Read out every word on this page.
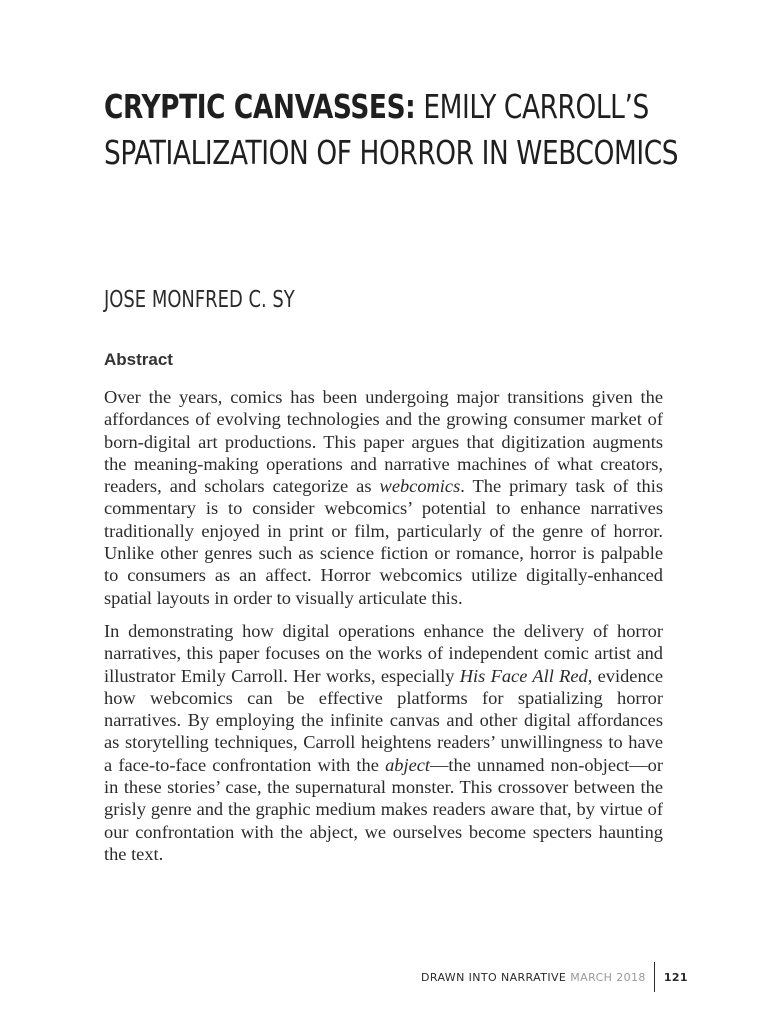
CRYPTIC CANVASSES: EMILY CARROLL’S SPATIALIZATION OF HORROR IN WEBCOMICS

JOSE MONFRED C. SY

Abstract

Over the years, comics has been undergoing major transitions given the affordances of evolving technologies and the growing consumer market of born-digital art productions. This paper argues that digitization augments the meaning-making operations and narrative machines of what creators, readers, and scholars categorize as webcomics. The primary task of this commentary is to consider webcomics’ potential to enhance narratives traditionally enjoyed in print or film, particularly of the genre of horror. Unlike other genres such as science fiction or romance, horror is palpable to consumers as an affect. Horror webcomics utilize digitally-enhanced spatial layouts in order to visually articulate this.

In demonstrating how digital operations enhance the delivery of horror narratives, this paper focuses on the works of independent comic artist and illustrator Emily Carroll. Her works, especially His Face All Red, evidence how webcomics can be effective platforms for spatializing horror narratives. By employing the infinite canvas and other digital affordances as storytelling techniques, Carroll heightens readers’ unwillingness to have a face-to-face confrontation with the abject—the unnamed non-object—or in these stories’ case, the supernatural monster. This crossover between the grisly genre and the graphic medium makes readers aware that, by virtue of our confrontation with the abject, we ourselves become specters haunting the text.

DRAWN INTO NARRATIVE MARCH 2018 121
